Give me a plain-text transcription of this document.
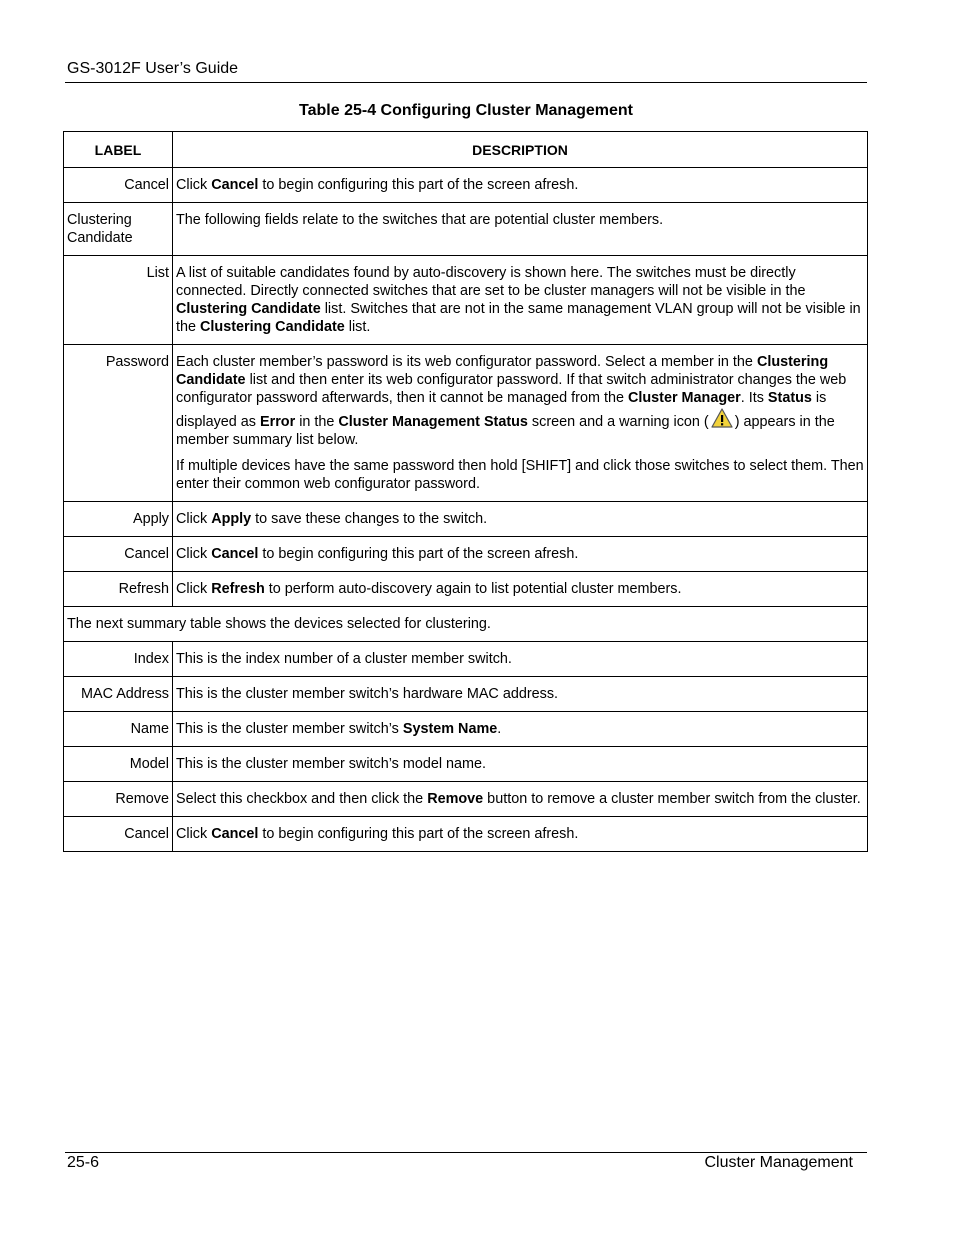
GS-3012F User’s Guide
Table 25-4 Configuring Cluster Management
LABEL	DESCRIPTION
Cancel	Click Cancel to begin configuring this part of the screen afresh.
Clustering Candidate	The following fields relate to the switches that are potential cluster members.
List	A list of suitable candidates found by auto-discovery is shown here. The switches must be directly connected. Directly connected switches that are set to be cluster managers will not be visible in the Clustering Candidate list. Switches that are not in the same management VLAN group will not be visible in the Clustering Candidate list.
Password	Each cluster member’s password is its web configurator password. Select a member in the Clustering Candidate list and then enter its web configurator password. If that switch administrator changes the web configurator password afterwards, then it cannot be managed from the Cluster Manager. Its Status is displayed as Error in the Cluster Management Status screen and a warning icon ( ) appears in the member summary list below.

If multiple devices have the same password then hold [SHIFT] and click those switches to select them. Then enter their common web configurator password.

Apply	Click Apply to save these changes to the switch.
Cancel	Click Cancel to begin configuring this part of the screen afresh.
Refresh	Click Refresh to perform auto-discovery again to list potential cluster members.
The next summary table shows the devices selected for clustering.	
Index	This is the index number of a cluster member switch.
MAC Address	This is the cluster member switch’s hardware MAC address.
Name	This is the cluster member switch’s System Name.
Model	This is the cluster member switch’s model name.
Remove	Select this checkbox and then click the Remove button to remove a cluster member switch from the cluster.
Cancel	Click Cancel to begin configuring this part of the screen afresh.
25-6	Cluster Management
